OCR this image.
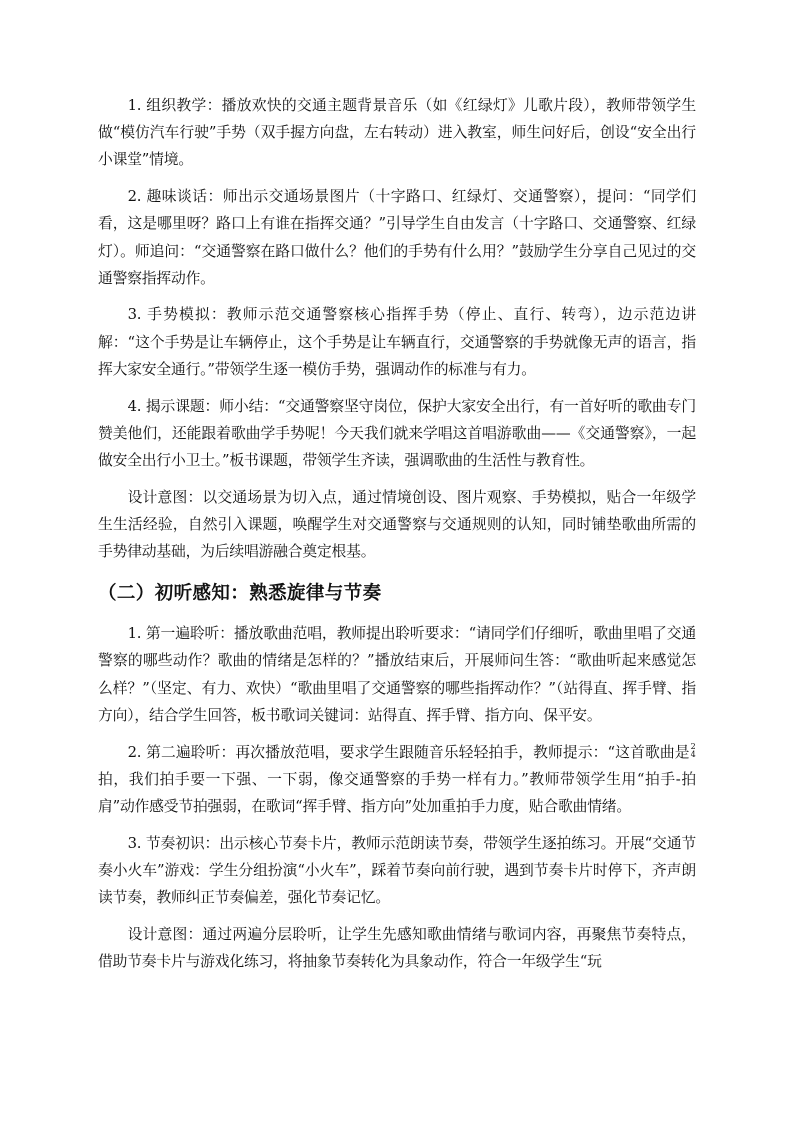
1. 组织教学：播放欢快的交通主题背景音乐（如《红绿灯》儿歌片段），教师带领学生做“模仿汽车行驶”手势（双手握方向盘，左右转动）进入教室，师生问好后，创设“安全出行小课堂”情境。

2. 趣味谈话：师出示交通场景图片（十字路口、红绿灯、交通警察），提问：“同学们看，这是哪里呀？路口上有谁在指挥交通？”引导学生自由发言（十字路口、交通警察、红绿灯）。师追问：“交通警察在路口做什么？他们的手势有什么用？”鼓励学生分享自己见过的交通警察指挥动作。

3. 手势模拟：教师示范交通警察核心指挥手势（停止、直行、转弯），边示范边讲解：“这个手势是让车辆停止，这个手势是让车辆直行，交通警察的手势就像无声的语言，指挥大家安全通行。”带领学生逐一模仿手势，强调动作的标准与有力。

4. 揭示课题：师小结：“交通警察坚守岗位，保护大家安全出行，有一首好听的歌曲专门赞美他们，还能跟着歌曲学手势呢！今天我们就来学唱这首唱游歌曲——《交通警察》，一起做安全出行小卫士。”板书课题，带领学生齐读，强调歌曲的生活性与教育性。

设计意图：以交通场景为切入点，通过情境创设、图片观察、手势模拟，贴合一年级学生生活经验，自然引入课题，唤醒学生对交通警察与交通规则的认知，同时铺垫歌曲所需的手势律动基础，为后续唱游融合奠定根基。

（二）初听感知：熟悉旋律与节奏

1. 第一遍聆听：播放歌曲范唱，教师提出聆听要求：“请同学们仔细听，歌曲里唱了交通警察的哪些动作？歌曲的情绪是怎样的？”播放结束后，开展师问生答：“歌曲听起来感觉怎么样？”（坚定、有力、欢快）“歌曲里唱了交通警察的哪些指挥动作？”（站得直、挥手臂、指方向），结合学生回答，板书歌词关键词：站得直、挥手臂、指方向、保平安。

2. 第二遍聆听：再次播放范唱，要求学生跟随音乐轻轻拍手，教师提示：“这首歌曲是 2
4
拍，我们拍手要一下强、一下弱，像交通警察的手势一样有力。”教师带领学生用“拍手-拍肩”动作感受节拍强弱，在歌词“挥手臂、指方向”处加重拍手力度，贴合歌曲情绪。

3. 节奏初识：出示核心节奏卡片，教师示范朗读节奏，带领学生逐拍练习。开展“交通节奏小火车”游戏：学生分组扮演“小火车”，踩着节奏向前行驶，遇到节奏卡片时停下，齐声朗读节奏，教师纠正节奏偏差，强化节奏记忆。

设计意图：通过两遍分层聆听，让学生先感知歌曲情绪与歌词内容，再聚焦节奏特点，借助节奏卡片与游戏化练习，将抽象节奏转化为具象动作，符合一年级学生“玩
